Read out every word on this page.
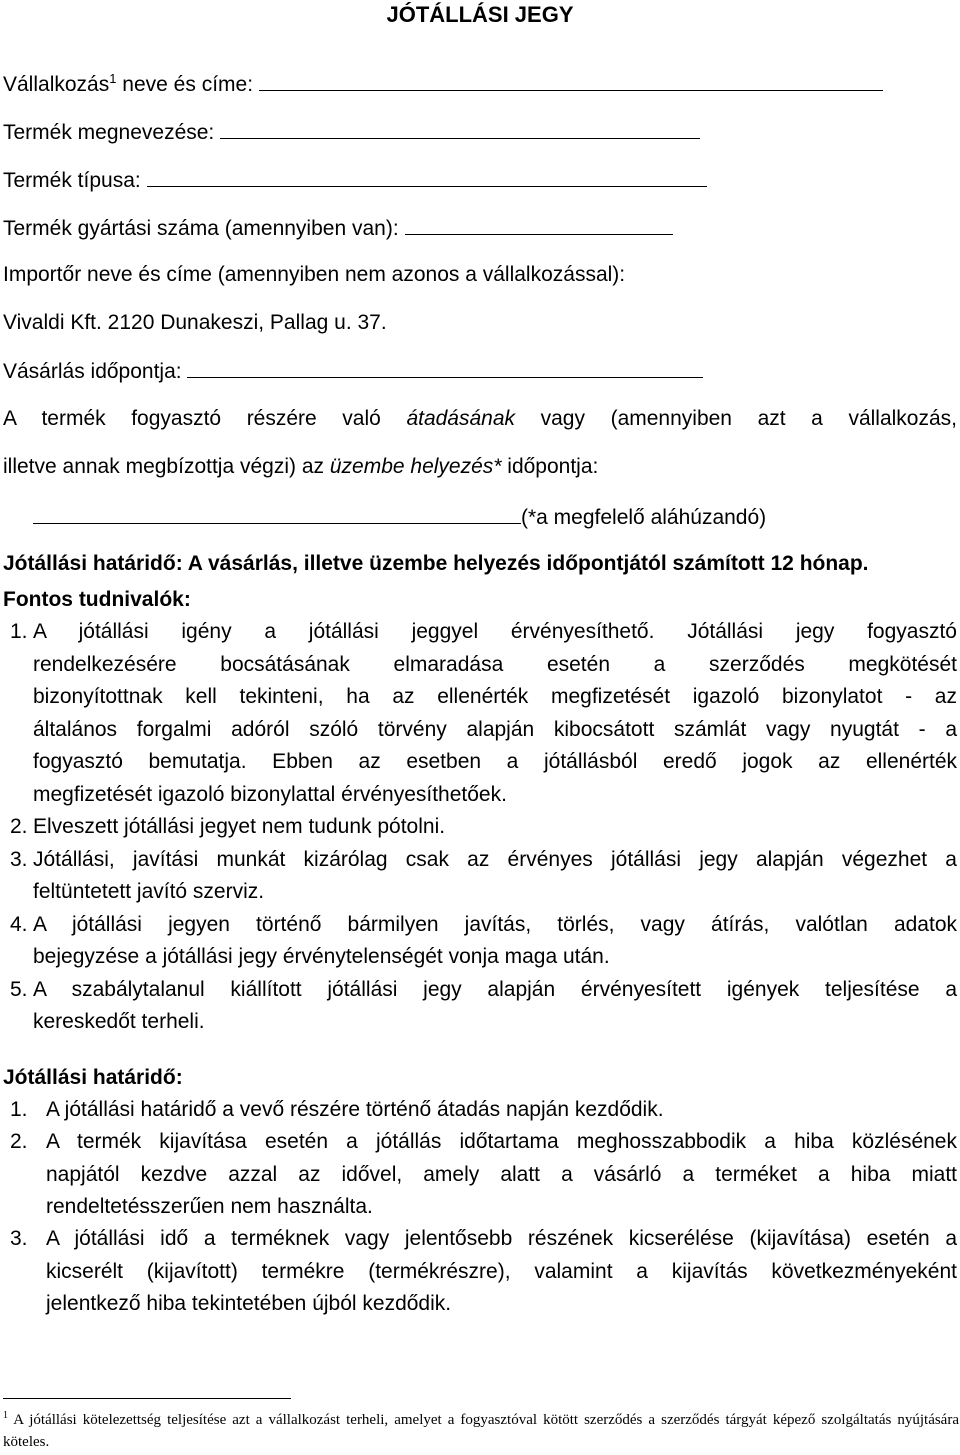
JÓTÁLLÁSI JEGY
Vállalkozás$^1$ neve és címe:
Termék megnevezése:
Termék típusa:
Termék gyártási száma (amennyiben van):
Importőr neve és címe (amennyiben nem azonos a vállalkozással):
Vivaldi Kft. 2120 Dunakeszi, Pallag u. 37.
Vásárlás időpontja:
A termék fogyasztó részére való átadásának vagy (amennyiben azt a vállalkozás,
illetve annak megbízottja végzi) az üzembe helyezés* időpontja:
(*a megfelelő aláhúzandó)
Jótállási határidő: A vásárlás, illetve üzembe helyezés időpontjától számított 12 hónap.
Fontos tudnivalók:
1. A jótállási igény a jótállási jeggyel érvényesíthető. Jótállási jegy fogyasztó
rendelkezésére bocsátásának elmaradása esetén a szerződés megkötését
bizonyítottnak kell tekinteni, ha az ellenérték megfizetését igazoló bizonylatot - az
általános forgalmi adóról szóló törvény alapján kibocsátott számlát vagy nyugtát - a
fogyasztó bemutatja. Ebben az esetben a jótállásból eredő jogok az ellenérték
megfizetését igazoló bizonylattal érvényesíthetőek.
2. Elveszett jótállási jegyet nem tudunk pótolni.
3. Jótállási, javítási munkát kizárólag csak az érvényes jótállási jegy alapján végezhet a
feltüntetett javító szerviz.
4. A jótállási jegyen történő bármilyen javítás, törlés, vagy átírás, valótlan adatok
bejegyzése a jótállási jegy érvénytelenségét vonja maga után.
5. A szabálytalanul kiállított jótállási jegy alapján érvényesített igények teljesítése a
kereskedőt terheli.
Jótállási határidő:
1. A jótállási határidő a vevő részére történő átadás napján kezdődik.
2. A termék kijavítása esetén a jótállás időtartama meghosszabbodik a hiba közlésének
napjától kezdve azzal az idővel, amely alatt a vásárló a terméket a hiba miatt
rendeltetésszerűen nem használta.
3. A jótállási idő a terméknek vagy jelentősebb részének kicserélése (kijavítása) esetén a
kicserélt (kijavított) termékre (termékrészre), valamint a kijavítás következményeként
jelentkező hiba tekintetében újból kezdődik.
$^1$ A jótállási kötelezettség teljesítése azt a vállalkozást terheli, amelyet a fogyasztóval kötött szerződés a szerződés tárgyát képező szolgáltatás nyújtására köteles.
